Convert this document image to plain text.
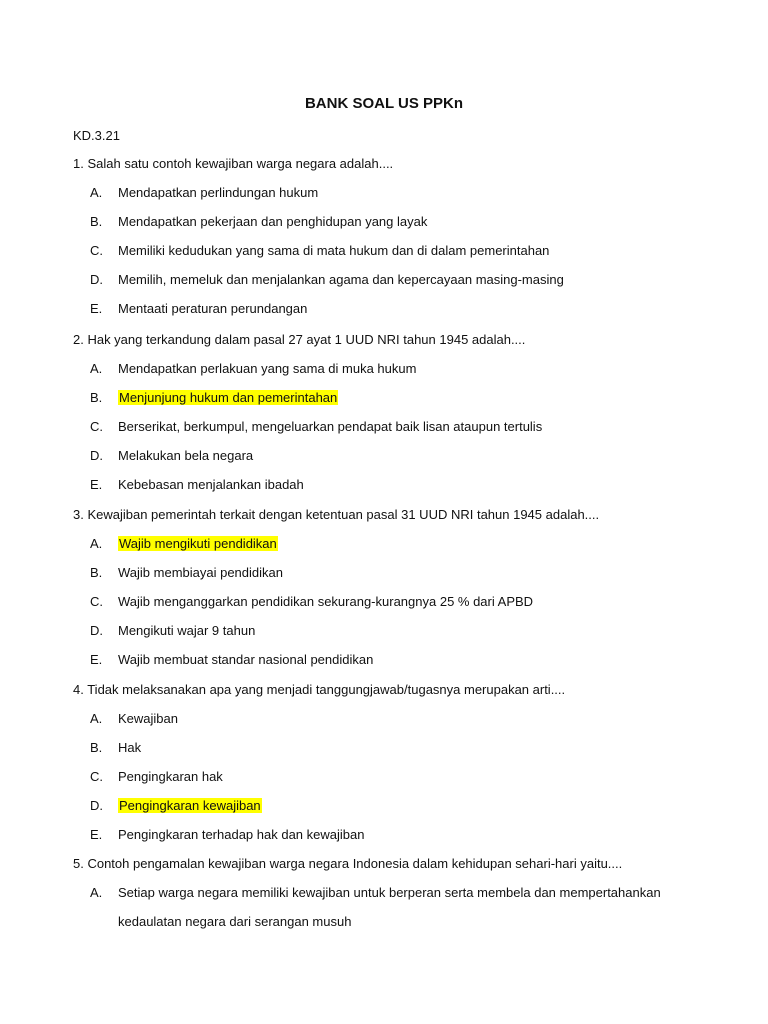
BANK SOAL US PPKn
KD.3.21
1. Salah satu contoh kewajiban warga negara adalah....
A. Mendapatkan perlindungan hukum
B. Mendapatkan pekerjaan dan penghidupan yang layak
C. Memiliki kedudukan yang sama di mata hukum dan di dalam pemerintahan
D. Memilih, memeluk dan menjalankan agama dan kepercayaan masing-masing
E. Mentaati peraturan perundangan
2. Hak yang terkandung dalam pasal 27 ayat 1 UUD NRI tahun 1945 adalah....
A. Mendapatkan perlakuan yang sama di muka hukum
B. Menjunjung hukum dan pemerintahan
C. Berserikat, berkumpul, mengeluarkan pendapat baik lisan ataupun tertulis
D. Melakukan bela negara
E. Kebebasan menjalankan ibadah
3. Kewajiban pemerintah terkait dengan ketentuan pasal 31 UUD NRI tahun 1945 adalah....
A. Wajib mengikuti pendidikan
B. Wajib membiayai pendidikan
C. Wajib menganggarkan pendidikan sekurang-kurangnya 25 % dari APBD
D. Mengikuti wajar 9 tahun
E. Wajib membuat standar nasional pendidikan
4. Tidak melaksanakan apa yang menjadi tanggungjawab/tugasnya merupakan arti....
A. Kewajiban
B. Hak
C. Pengingkaran hak
D. Pengingkaran kewajiban
E. Pengingkaran terhadap hak dan kewajiban
5. Contoh pengamalan kewajiban warga negara Indonesia dalam kehidupan sehari-hari yaitu....
A. Setiap warga negara memiliki kewajiban untuk berperan serta membela dan mempertahankan
kedaulatan negara dari serangan musuh
